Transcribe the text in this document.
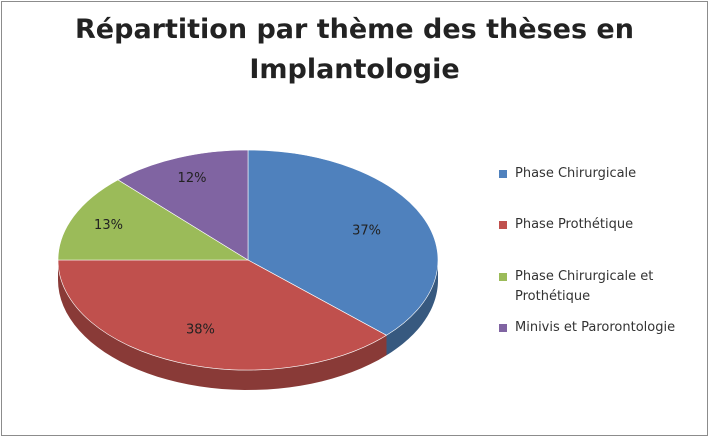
Répartition par thème des thèses en
Implantologie
37%
38%
13%
12%	Phase Chirurgicale
Phase Prothétique
Phase Chirurgicale et Prothétique
Minivis et Parorontologie
